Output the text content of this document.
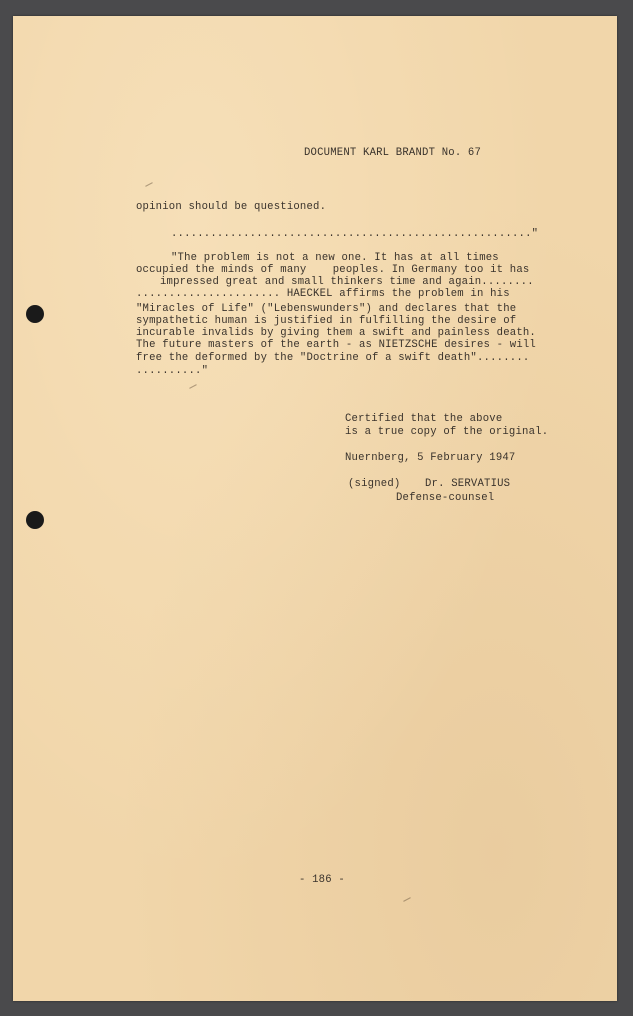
DOCUMENT KARL BRANDT No. 67
opinion should be questioned.
......................................................."
"The problem is not a new one. It has at all times
occupied the minds of many    peoples. In Germany too it has
impressed great and small thinkers time and again........
...................... HAECKEL affirms the problem in his
"Miracles of Life" ("Lebenswunders") and declares that the
sympathetic human is justified in fulfilling the desire of
incurable invalids by giving them a swift and painless death.
The future masters of the earth - as NIETZSCHE desires - will
free the deformed by the "Doctrine of a swift death"........
.........."
Certified that the above
is a true copy of the original.
Nuernberg, 5 February 1947
(signed) Dr. SERVATIUS
Defense-counsel
- 186 -
